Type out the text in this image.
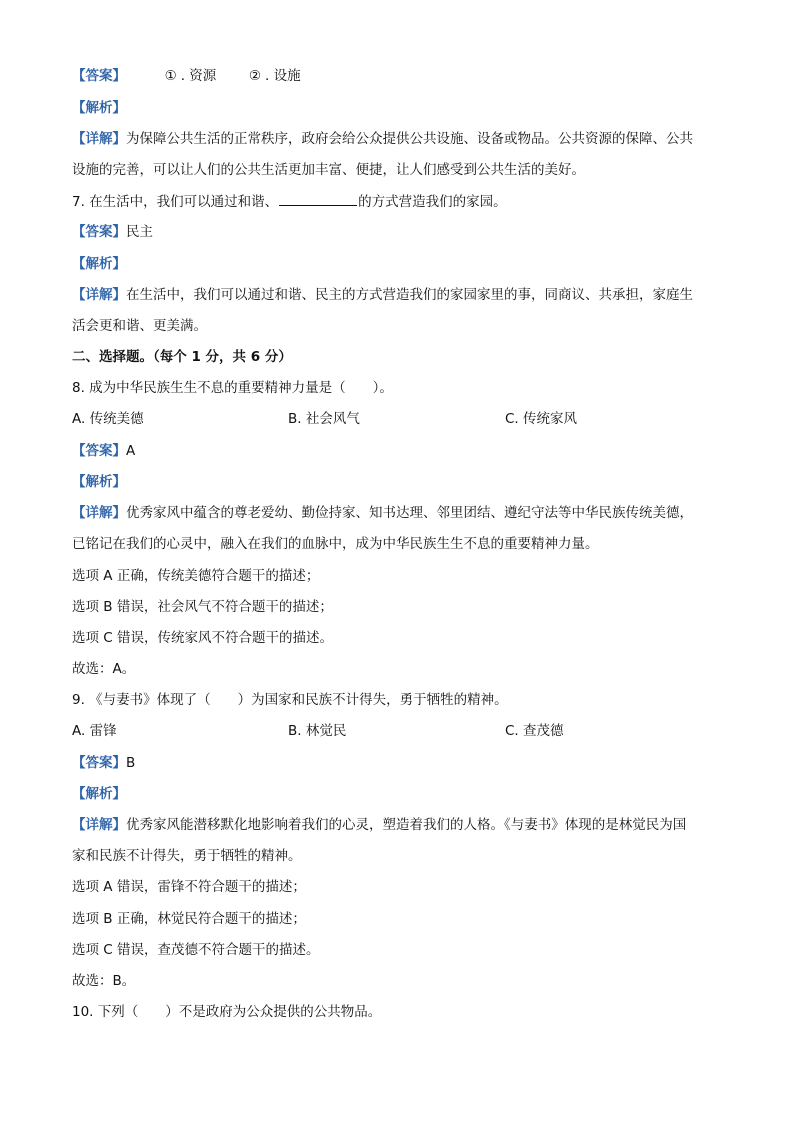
【答案】	① . 资源 ② . 设施
【解析】
【详解】为保障公共生活的正常秩序，政府会给公众提供公共设施、设备或物品。公共资源的保障、公共
设施的完善，可以让人们的公共生活更加丰富、便捷，让人们感受到公共生活的美好。
7. 在生活中，我们可以通过和谐、	的方式营造我们的家园。
【答案】民主
【解析】
【详解】在生活中，我们可以通过和谐、民主的方式营造我们的家园家里的事，同商议、共承担，家庭生
活会更和谐、更美满。
二、选择题。（每个 1 分，共 6 分）
8. 成为中华民族生生不息的重要精神力量是（　　）。
A. 传统美德	B. 社会风气	C. 传统家风
【答案】A
【解析】
【详解】优秀家风中蕴含的尊老爱幼、勤俭持家、知书达理、邻里团结、遵纪守法等中华民族传统美德，
已铭记在我们的心灵中，融入在我们的血脉中，成为中华民族生生不息的重要精神力量。
选项 A 正确，传统美德符合题干的描述；
选项 B 错误，社会风气不符合题干的描述；
选项 C 错误，传统家风不符合题干的描述。
故选：A。
9. 《与妻书》体现了（　　）为国家和民族不计得失，勇于牺牲的精神。
A. 雷锋	B. 林觉民	C. 查茂德
【答案】B
【解析】
【详解】优秀家风能潜移默化地影响着我们的心灵，塑造着我们的人格。《与妻书》体现的是林觉民为国
家和民族不计得失，勇于牺牲的精神。
选项 A 错误，雷锋不符合题干的描述；
选项 B 正确，林觉民符合题干的描述；
选项 C 错误，查茂德不符合题干的描述。
故选：B。
10. 下列（　　）不是政府为公众提供的公共物品。
